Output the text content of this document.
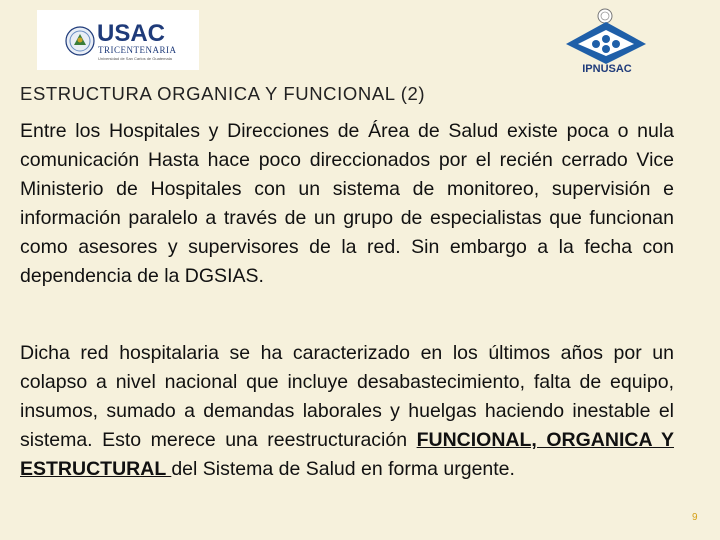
USAC
TRICENTENARIA
Universidad de San Carlos de Guatemala
IPNUSAC
ESTRUCTURA ORGANICA Y FUNCIONAL (2)
Entre los Hospitales y Direcciones de Área de Salud existe poca o nula comunicación Hasta hace poco direccionados por el recién cerrado Vice Ministerio de Hospitales con un sistema de monitoreo, supervisión e información paralelo a través de un grupo de especialistas que funcionan como asesores y supervisores de la red. Sin embargo a la fecha con dependencia de la DGSIAS.
Dicha red hospitalaria se ha caracterizado en los últimos años por un colapso a nivel nacional que incluye desabastecimiento, falta de equipo, insumos, sumado a demandas laborales y huelgas haciendo inestable el sistema. Esto merece una reestructuración FUNCIONAL, ORGANICA Y ESTRUCTURAL del Sistema de Salud en forma urgente.
9
